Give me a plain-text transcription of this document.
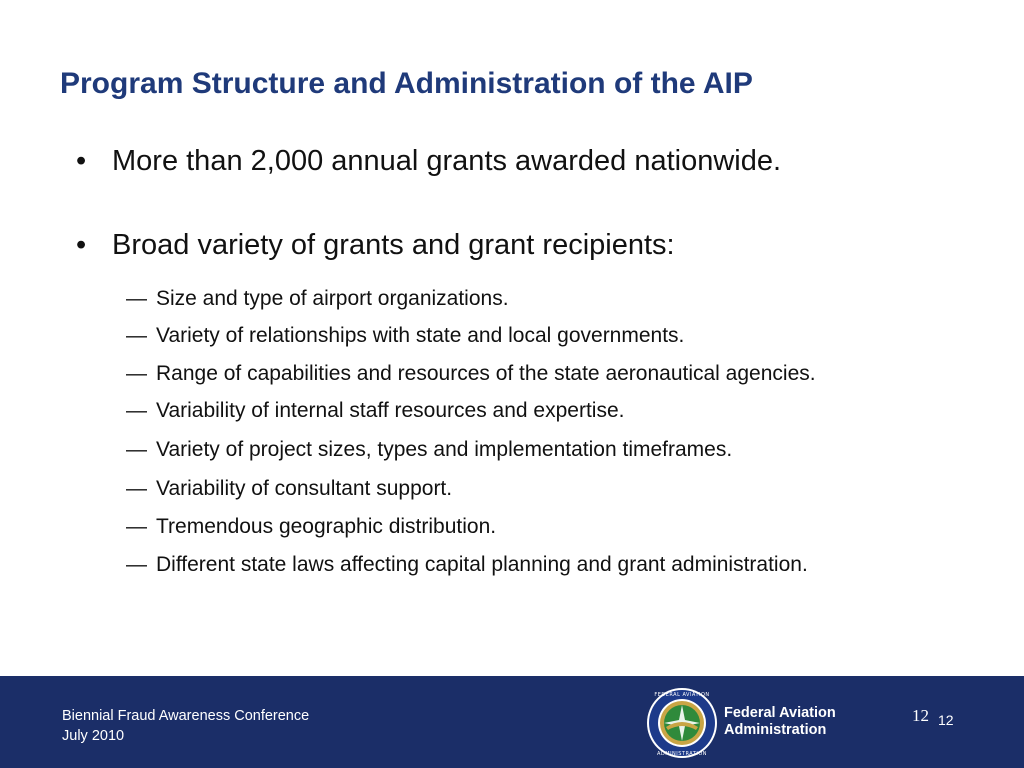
Program Structure and Administration of the AIP
• More than 2,000 annual grants awarded nationwide.
• Broad variety of grants and grant recipients:
— Size and type of airport organizations.
— Variety of relationships with state and local governments.
— Range of capabilities and resources of the state aeronautical agencies.
— Variability of internal staff resources and expertise.
— Variety of project sizes, types and implementation timeframes.
— Variability of consultant support.
— Tremendous geographic distribution.
— Different state laws affecting capital planning and grant administration.
Biennial Fraud Awareness Conference
July 2010
FEDERAL AVIATION
ADMINISTRATION
Federal Aviation
Administration
12 12
